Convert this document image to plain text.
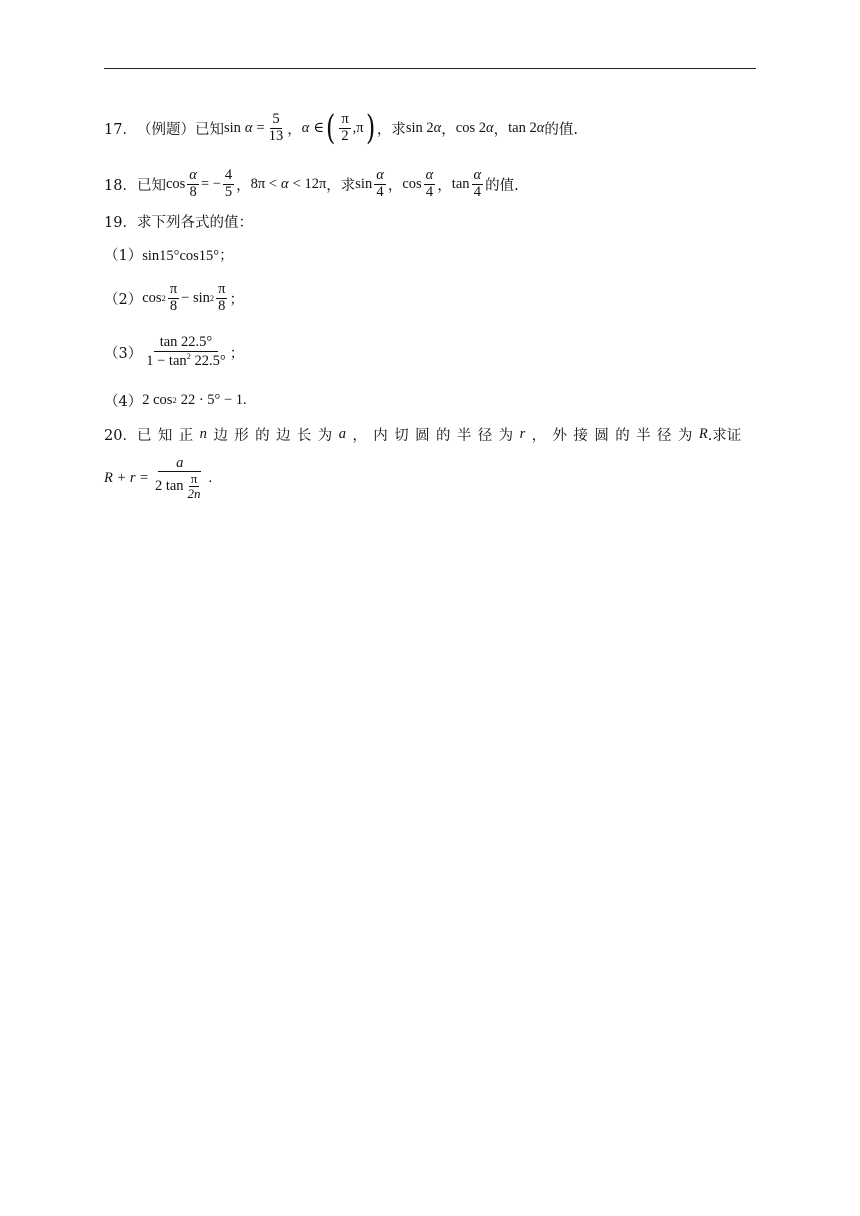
17． （例题）已知 $\sin \alpha = \frac{5}{13}$ ， α ∈ ( $\frac{\pi}{2} ,\pi$ ) ，求 sin 2 α ， cos 2 α ， tan 2 α 的值.
18． 已知 $\cos \frac{\alpha}{8}$ = − $\frac{4}{5}$ ， 8π < α < 12π ，求 $\sin \frac{\alpha}{4}$ ， $\cos \frac{\alpha}{4}$ ， $\tan \frac{\alpha}{4}$ 的值.
19． 求下列各式的值：
（1） sin15°cos15°；
（2） $\cos 2 \frac{\pi}{8} - \sin 2 \frac{\pi}{8}$ ；
$(3) \frac{\tan 22.5^\circ}{1 - \tan^2 22.5^\circ}$ ；
（4） 2 cos 2 22 · 5° − 1.
20． 已知正 n 边形的边长为 a ，内切圆的半径为 r ，外接圆的半径为 R .求证
$R + r = \frac{a}{2 \tan \frac{\pi}{2n}}$ .
